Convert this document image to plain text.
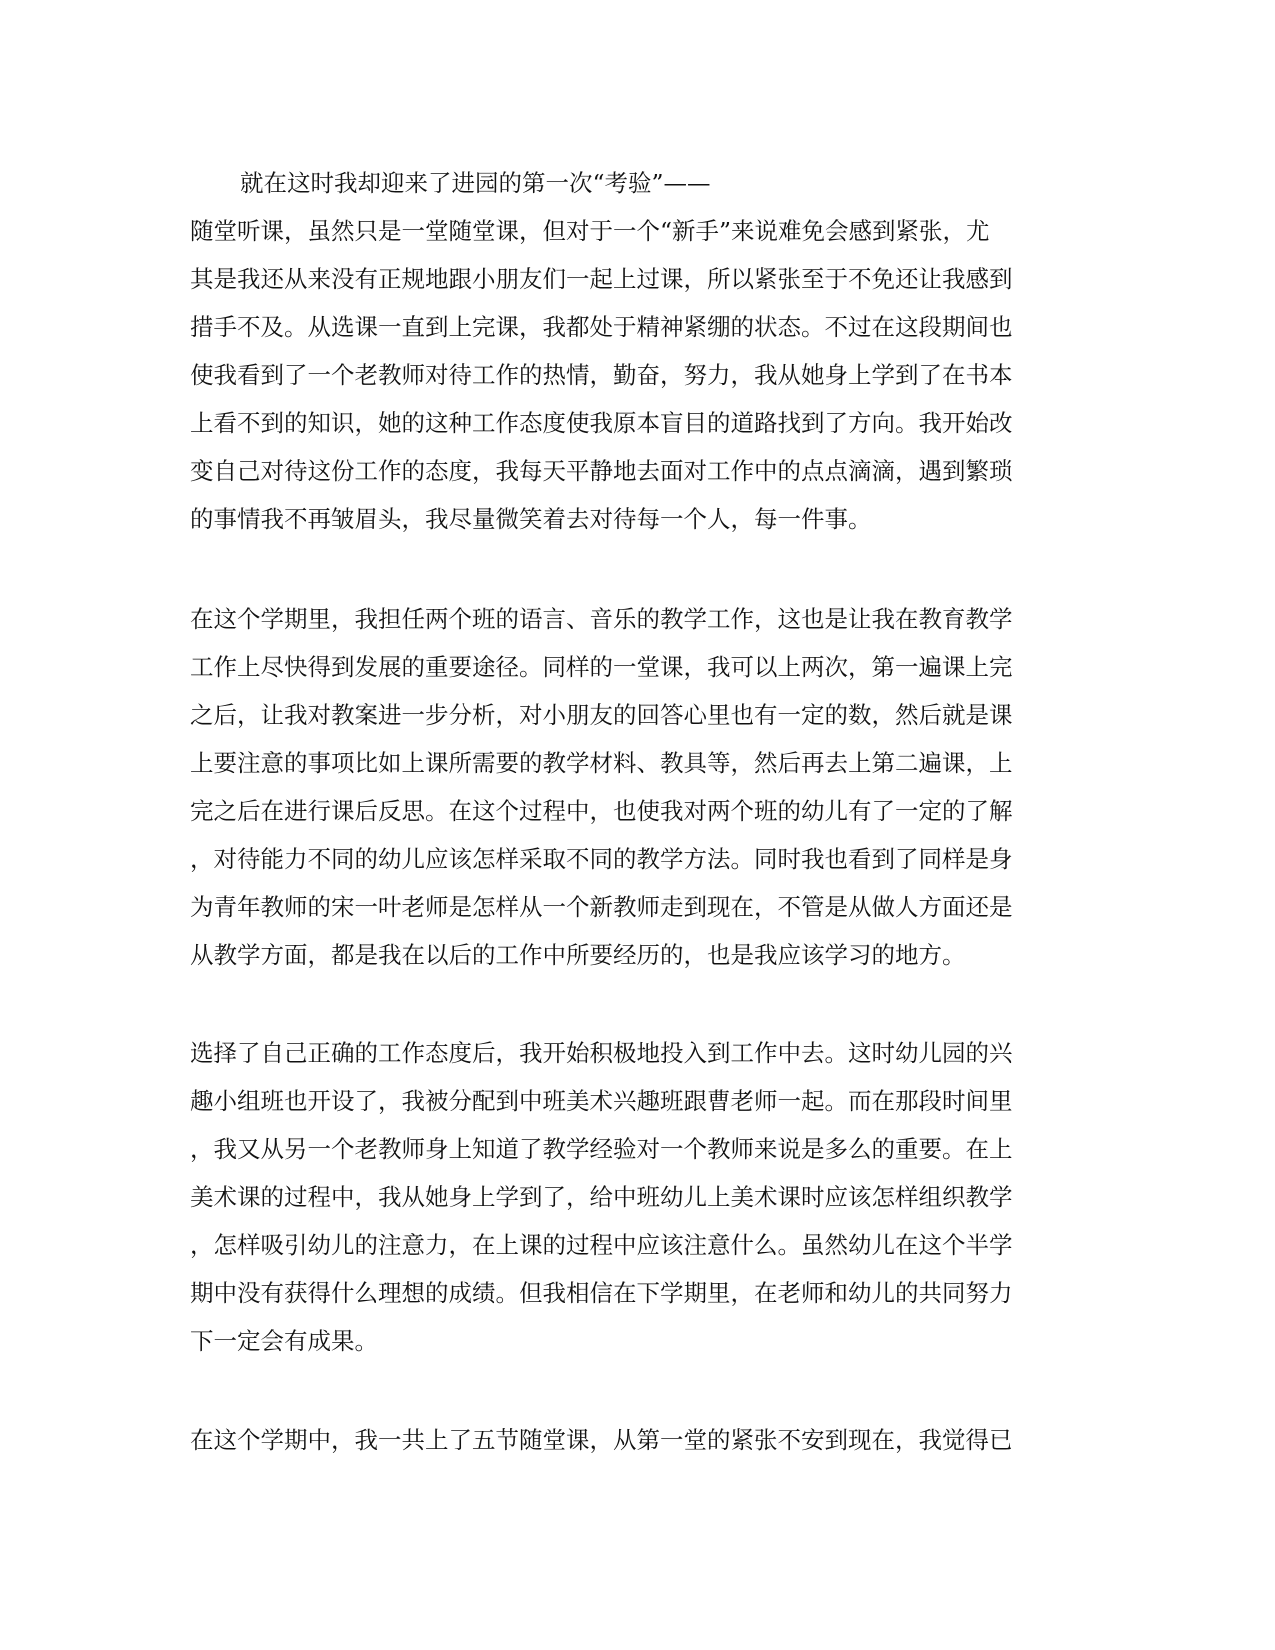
就在这时我却迎来了进园的第一次“考验”——
随堂听课，虽然只是一堂随堂课，但对于一个“新手”来说难免会感到紧张，尤
其是我还从来没有正规地跟小朋友们一起上过课，所以紧张至于不免还让我感到
措手不及。从选课一直到上完课，我都处于精神紧绷的状态。不过在这段期间也
使我看到了一个老教师对待工作的热情，勤奋，努力，我从她身上学到了在书本
上看不到的知识，她的这种工作态度使我原本盲目的道路找到了方向。我开始改
变自己对待这份工作的态度，我每天平静地去面对工作中的点点滴滴，遇到繁琐
的事情我不再皱眉头，我尽量微笑着去对待每一个人，每一件事。
在这个学期里，我担任两个班的语言、音乐的教学工作，这也是让我在教育教学
工作上尽快得到发展的重要途径。同样的一堂课，我可以上两次，第一遍课上完
之后，让我对教案进一步分析，对小朋友的回答心里也有一定的数，然后就是课
上要注意的事项比如上课所需要的教学材料、教具等，然后再去上第二遍课，上
完之后在进行课后反思。在这个过程中，也使我对两个班的幼儿有了一定的了解
，对待能力不同的幼儿应该怎样采取不同的教学方法。同时我也看到了同样是身
为青年教师的宋一叶老师是怎样从一个新教师走到现在，不管是从做人方面还是
从教学方面，都是我在以后的工作中所要经历的，也是我应该学习的地方。
选择了自己正确的工作态度后，我开始积极地投入到工作中去。这时幼儿园的兴
趣小组班也开设了，我被分配到中班美术兴趣班跟曹老师一起。而在那段时间里
，我又从另一个老教师身上知道了教学经验对一个教师来说是多么的重要。在上
美术课的过程中，我从她身上学到了，给中班幼儿上美术课时应该怎样组织教学
，怎样吸引幼儿的注意力，在上课的过程中应该注意什么。虽然幼儿在这个半学
期中没有获得什么理想的成绩。但我相信在下学期里，在老师和幼儿的共同努力
下一定会有成果。
在这个学期中，我一共上了五节随堂课，从第一堂的紧张不安到现在，我觉得已
